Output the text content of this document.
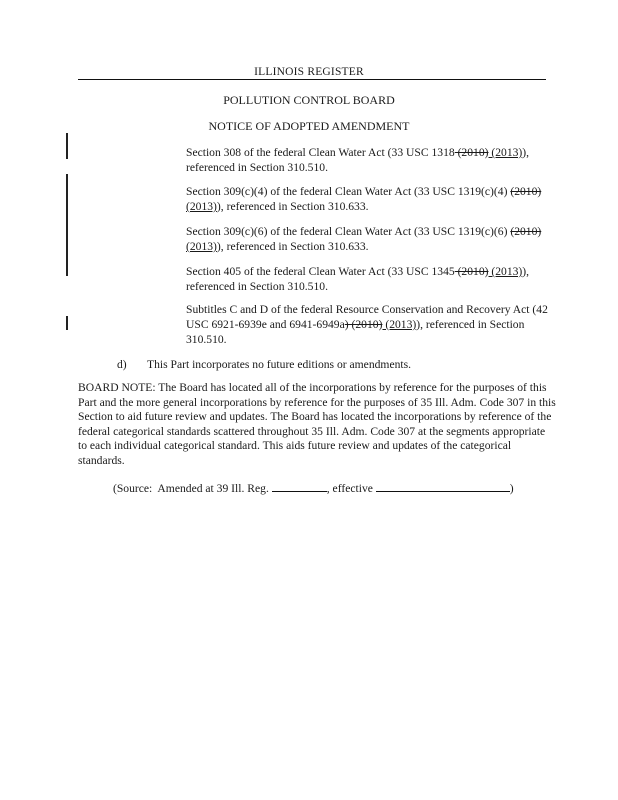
ILLINOIS REGISTER
POLLUTION CONTROL BOARD
NOTICE OF ADOPTED AMENDMENT
Section 308 of the federal Clean Water Act (33 USC 1318 (2010) (2013)), referenced in Section 310.510.
Section 309(c)(4) of the federal Clean Water Act (33 USC 1319(c)(4) (2010) (2013)), referenced in Section 310.633.
Section 309(c)(6) of the federal Clean Water Act (33 USC 1319(c)(6) (2010) (2013)), referenced in Section 310.633.
Section 405 of the federal Clean Water Act (33 USC 1345 (2010) (2013)), referenced in Section 310.510.
Subtitles C and D of the federal Resource Conservation and Recovery Act (42 USC 6921-6939e and 6941-6949a) (2010) (2013)), referenced in Section 310.510.
d) This Part incorporates no future editions or amendments.
BOARD NOTE: The Board has located all of the incorporations by reference for the purposes of this Part and the more general incorporations by reference for the purposes of 35 Ill. Adm. Code 307 in this Section to aid future review and updates. The Board has located the incorporations by reference of the federal categorical standards scattered throughout 35 Ill. Adm. Code 307 at the segments appropriate to each individual categorical standard. This aids future review and updates of the categorical standards.
(Source:  Amended at 39 Ill. Reg.	, effective	)
